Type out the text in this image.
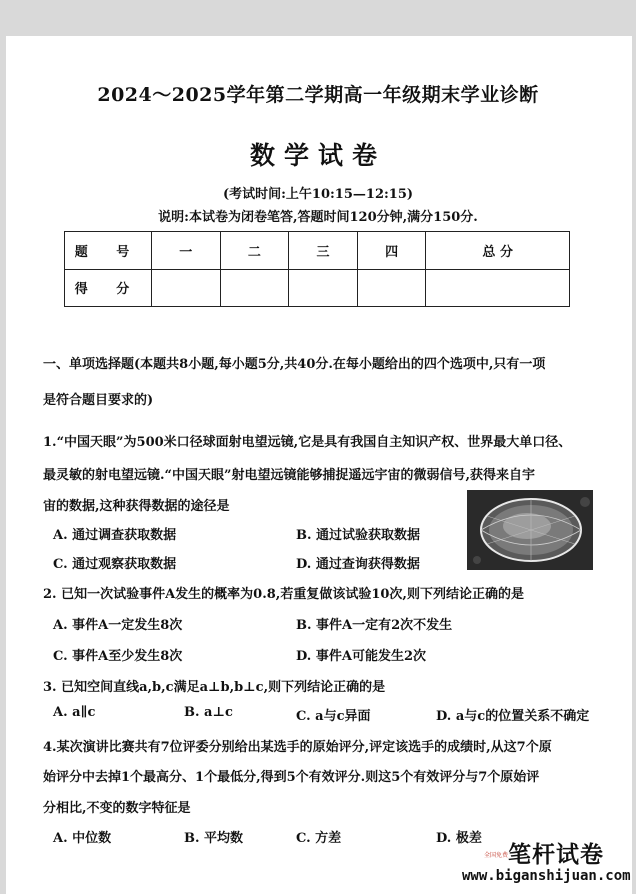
2024～2025学年第二学期高一年级期末学业诊断
数学试卷
(考试时间:上午10:15—12:15)
说明:本试卷为闭卷笔答,答题时间120分钟,满分150分.
题 号	一	二	三	四	总 分
得 分					
一、单项选择题(本题共8小题,每小题5分,共40分.在每小题给出的四个选项中,只有一项
是符合题目要求的)
1.“中国天眼”为500米口径球面射电望远镜,它是具有我国自主知识产权、世界最大单口径、
最灵敏的射电望远镜.“中国天眼”射电望远镜能够捕捉遥远宇宙的微弱信号,获得来自宇
宙的数据,这种获得数据的途径是
A. 通过调查获取数据	B. 通过试验获取数据
C. 通过观察获取数据	D. 通过查询获得数据
2. 已知一次试验事件A发生的概率为0.8,若重复做该试验10次,则下列结论正确的是
A. 事件A一定发生8次	B. 事件A一定有2次不发生
C. 事件A至少发生8次	D. 事件A可能发生2次
3. 已知空间直线a,b,c满足a⊥b,b⊥c,则下列结论正确的是
A. a∥c	B. a⊥c	C. a与c异面	D. a与c的位置关系不确定
4.某次演讲比赛共有7位评委分别给出某选手的原始评分,评定该选手的成绩时,从这7个原
始评分中去掉1个最高分、1个最低分,得到5个有效评分.则这5个有效评分与7个原始评
分相比,不变的数字特征是
A. 中位数	B. 平均数	C. 方差	D. 极差
全国免费 笔杆试卷
www.biganshijuan.com
